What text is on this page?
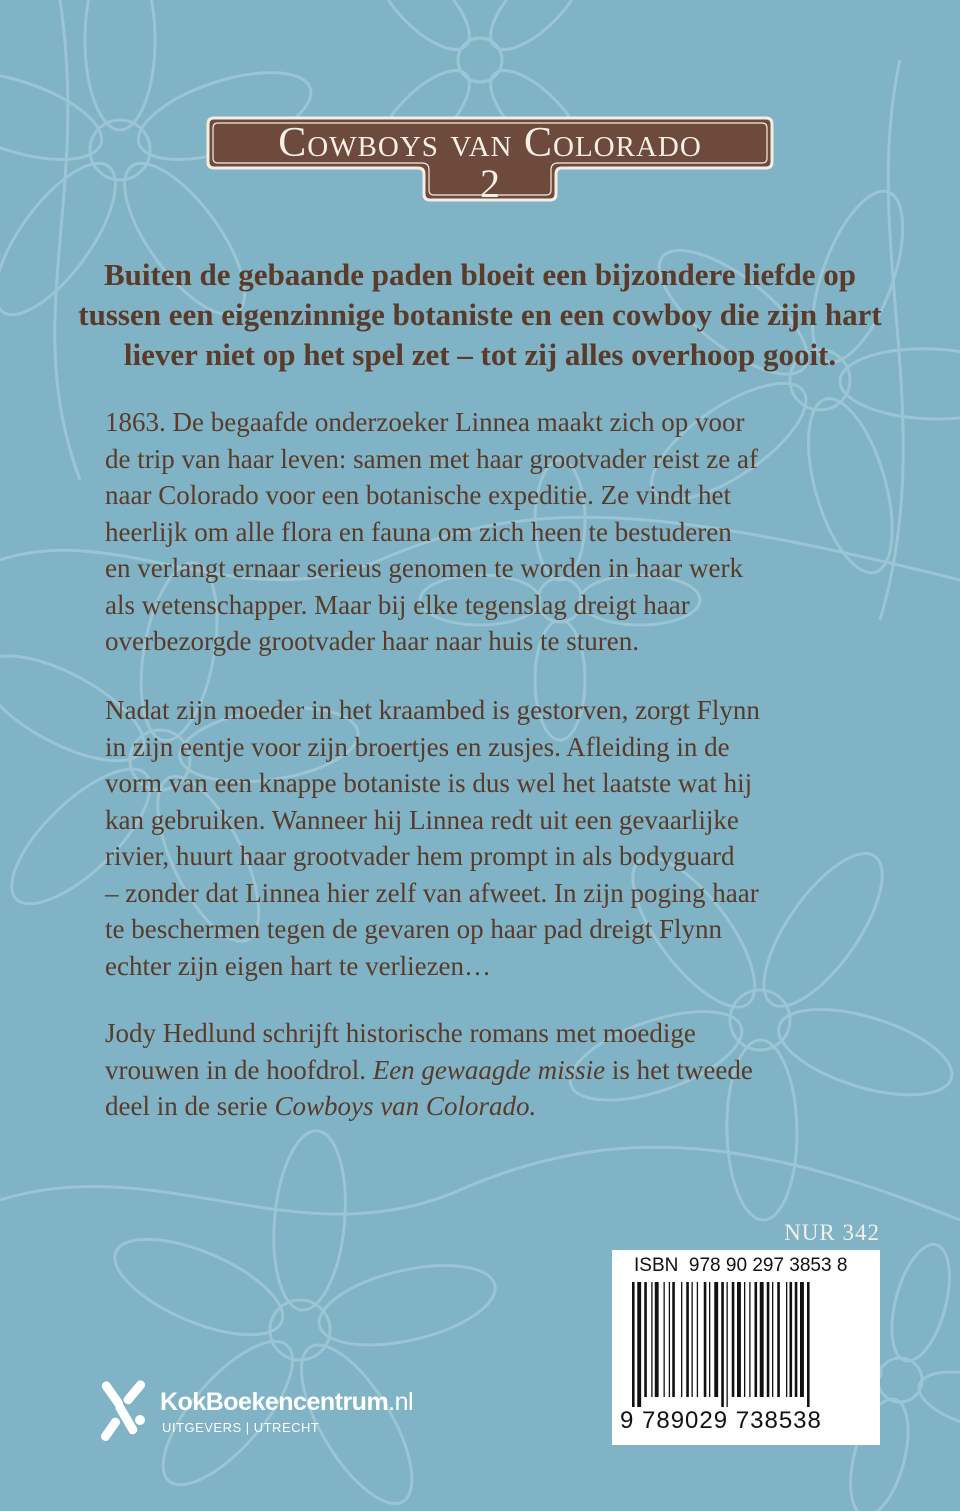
Cowboys van Colorado
2

Buiten de gebaande paden bloeit een bijzondere liefde op
tussen een eigenzinnige botaniste en een cowboy die zijn hart
liever niet op het spel zet – tot zij alles overhoop gooit.

1863. De begaafde onderzoeker Linnea maakt zich op voor
de trip van haar leven: samen met haar grootvader reist ze af
naar Colorado voor een botanische expeditie. Ze vindt het
heerlijk om alle flora en fauna om zich heen te bestuderen
en verlangt ernaar serieus genomen te worden in haar werk
als wetenschapper. Maar bij elke tegenslag dreigt haar
overbezorgde grootvader haar naar huis te sturen.

Nadat zijn moeder in het kraambed is gestorven, zorgt Flynn
in zijn eentje voor zijn broertjes en zusjes. Afleiding in de
vorm van een knappe botaniste is dus wel het laatste wat hij
kan gebruiken. Wanneer hij Linnea redt uit een gevaarlijke
rivier, huurt haar grootvader hem prompt in als bodyguard
– zonder dat Linnea hier zelf van afweet. In zijn poging haar
te beschermen tegen de gevaren op haar pad dreigt Flynn
echter zijn eigen hart te verliezen…

Jody Hedlund schrijft historische romans met moedige
vrouwen in de hoofdrol. Een gewaagde missie is het tweede
deel in de serie Cowboys van Colorado.

NUR 342
ISBN 978 90 297 3853 8
9 789029 738538
KokBoekencentrum.nl
UITGEVERS | UTRECHT
